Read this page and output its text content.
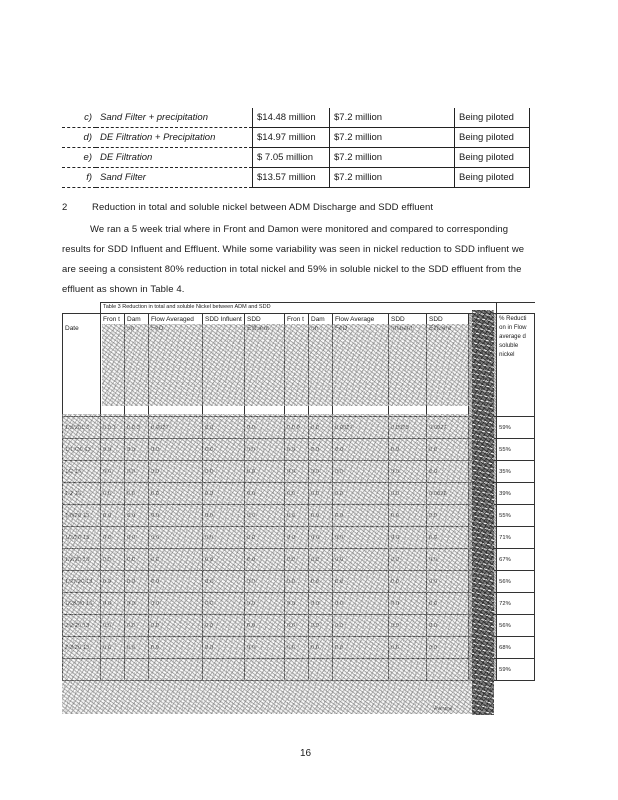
c)	Sand Filter + precipitation	$14.48 million	$7.2 million	Being piloted
d)	DE Filtration + Precipitation	$14.97 million	$7.2 million	Being piloted
e)	DE Filtration	$ 7.05 million	$7.2 million	Being piloted
f)	Sand Filter	$13.57 million	$7.2 million	Being piloted
2	Reduction in total and soluble nickel between ADM Discharge and SDD effluent
We ran a 5 week trial where in Front and Damon were monitored and compared to corresponding results for SDD Influent and Effluent. While some variability was seen in nickel reduction to SDD influent we are seeing a consistent 80% reduction in total nickel and 59% in soluble nickel to the SDD effluent from the effluent as shown in Table 4.
	Table 3 Reduction in total and soluble Nickel between ADM and SDD											

Date	Fron t	Dam	Flow Averaged	SDD Influent	SDD	Fron t	Dam	Flow Average	SDD	SDD		% Reducti on in Flow average d soluble nickel
												59%
												55%
												35%
												39%
												55%
												71%
												67%
												56%
												72%
												56%
												68%
												59%
16
